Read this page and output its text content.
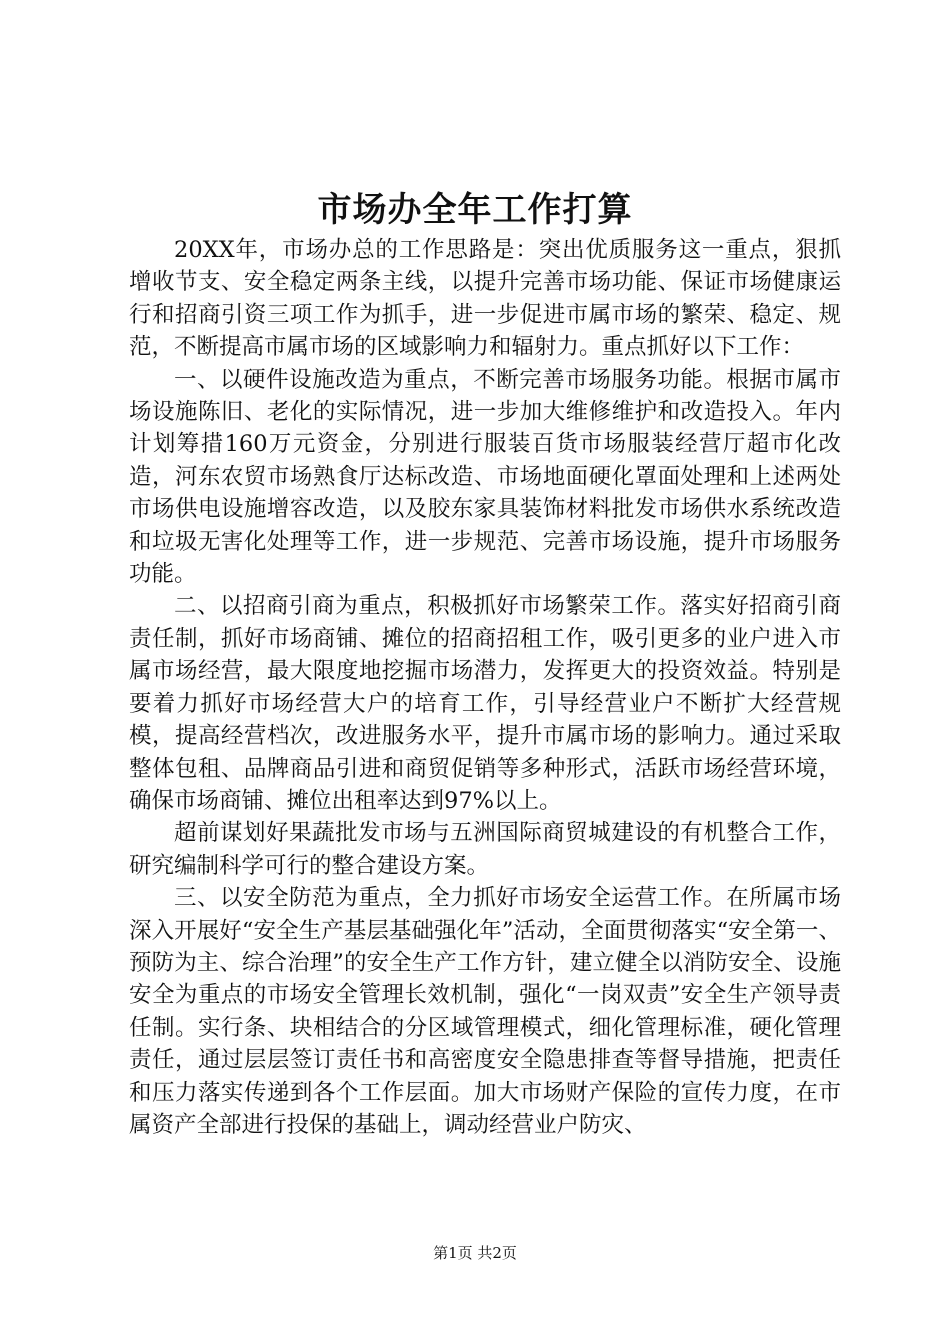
市场办全年工作打算

20XX年，市场办总的工作思路是：突出优质服务这一重点，狠抓增收节支、安全稳定两条主线，以提升完善市场功能、保证市场健康运行和招商引资三项工作为抓手，进一步促进市属市场的繁荣、稳定、规范，不断提高市属市场的区域影响力和辐射力。重点抓好以下工作：

一、以硬件设施改造为重点，不断完善市场服务功能。根据市属市场设施陈旧、老化的实际情况，进一步加大维修维护和改造投入。年内计划筹措160万元资金，分别进行服装百货市场服装经营厅超市化改造，河东农贸市场熟食厅达标改造、市场地面硬化罩面处理和上述两处市场供电设施增容改造，以及胶东家具装饰材料批发市场供水系统改造和垃圾无害化处理等工作，进一步规范、完善市场设施，提升市场服务功能。

二、以招商引商为重点，积极抓好市场繁荣工作。落实好招商引商责任制，抓好市场商铺、摊位的招商招租工作，吸引更多的业户进入市属市场经营，最大限度地挖掘市场潜力，发挥更大的投资效益。特别是要着力抓好市场经营大户的培育工作，引导经营业户不断扩大经营规模，提高经营档次，改进服务水平，提升市属市场的影响力。通过采取整体包租、品牌商品引进和商贸促销等多种形式，活跃市场经营环境，确保市场商铺、摊位出租率达到97%以上。

超前谋划好果蔬批发市场与五洲国际商贸城建设的有机整合工作，研究编制科学可行的整合建设方案。

三、以安全防范为重点，全力抓好市场安全运营工作。在所属市场深入开展好“安全生产基层基础强化年”活动，全面贯彻落实“安全第一、预防为主、综合治理”的安全生产工作方针，建立健全以消防安全、设施安全为重点的市场安全管理长效机制，强化“一岗双责”安全生产领导责任制。实行条、块相结合的分区域管理模式，细化管理标准，硬化管理责任，通过层层签订责任书和高密度安全隐患排查等督导措施，把责任和压力落实传递到各个工作层面。加大市场财产保险的宣传力度，在市属资产全部进行投保的基础上，调动经营业户防灾、

第1页 共2页
